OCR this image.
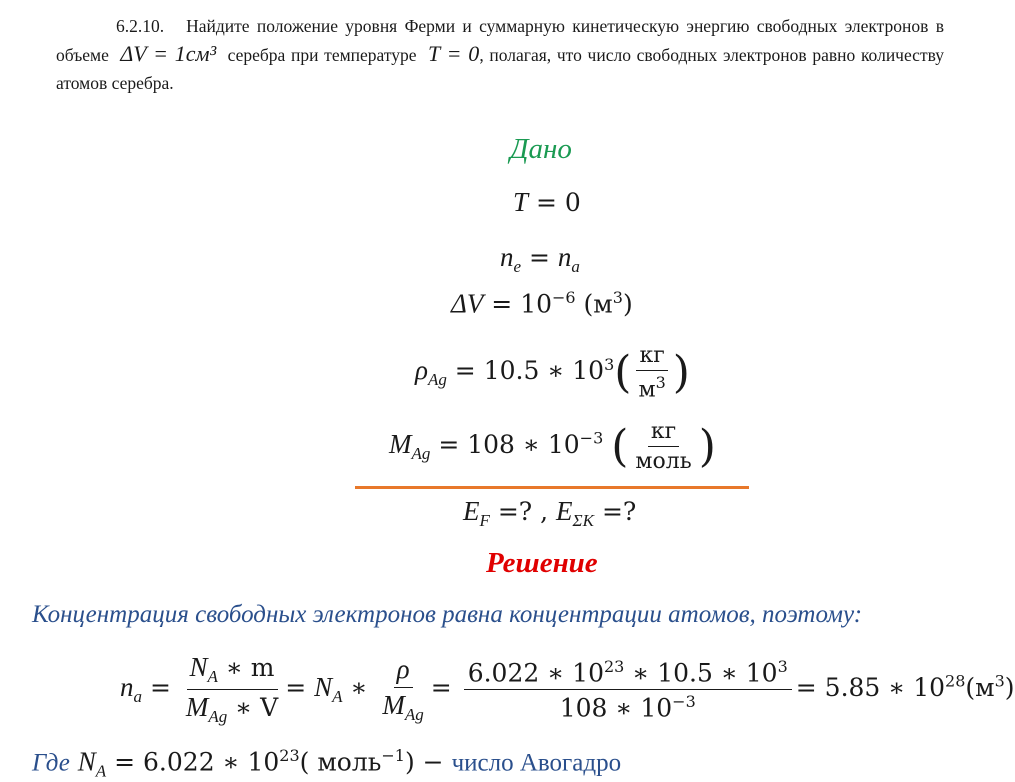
6.2.10. Найдите положение уровня Ферми и суммарную кинетическую энергию свободных электронов в объеме ΔV = 1см³ серебра при температуре T = 0, полагая, что число свободных электронов равно количеству атомов серебра.
Дано
T = 0
$n_e = n_a$
$\Delta V = 10^{-6}$ $(м^3)$
$\rho_{Ag} = 10.5$ ∗ $10^3( \frac{кг}{м^3}$ )
$M_{Ag} = 108$ ∗ $10^{-3}$ ( $\frac{кг}{\text{моль}}$ )
$E_F$ =? , $E_{\Sigma K}$ =?
Решение
Концентрация свободных электронов равна концентрации атомов, поэтому:
$n_a = \frac{N_A ∗ m}{M_{Ag} ∗ V} = N_A$ ∗ $\frac{\rho}{M_{Ag}} = \frac{6.022 ∗ 10^{23} ∗ 10.5 ∗ 10^3}{108 ∗ 10^{-3}} = 5.85$ ∗ $10^{28}(м^3)$
Где $N_A = 6.022$ ∗ $10^{23}$( моль$^{-1}$) − число Авогадро
